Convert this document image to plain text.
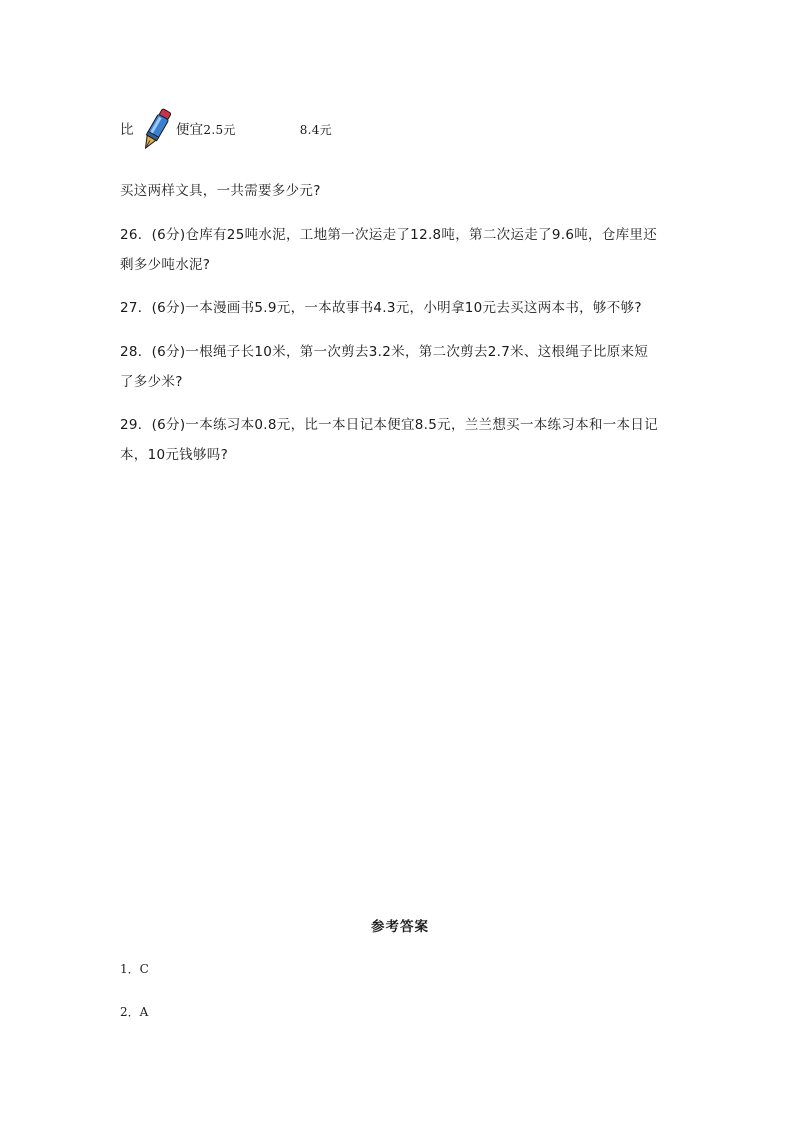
比	便宜 2.5元	8.4元
买这两样文具，一共需要多少元?
26．(6分)仓库有25吨水泥，工地第一次运走了12.8吨，第二次运走了9.6吨，仓库里还
剩多少吨水泥?
27．(6分)一本漫画书5.9元，一本故事书4.3元，小明拿10元去买这两本书，够不够?
28．(6分)一根绳子长10米，第一次剪去3.2米，第二次剪去2.7米、这根绳子比原来短
了多少米?
29．(6分)一本练习本0.8元，比一本日记本便宜8.5元，兰兰想买一本练习本和一本日记
本，10元钱够吗?
参考答案
1．C
2．A
